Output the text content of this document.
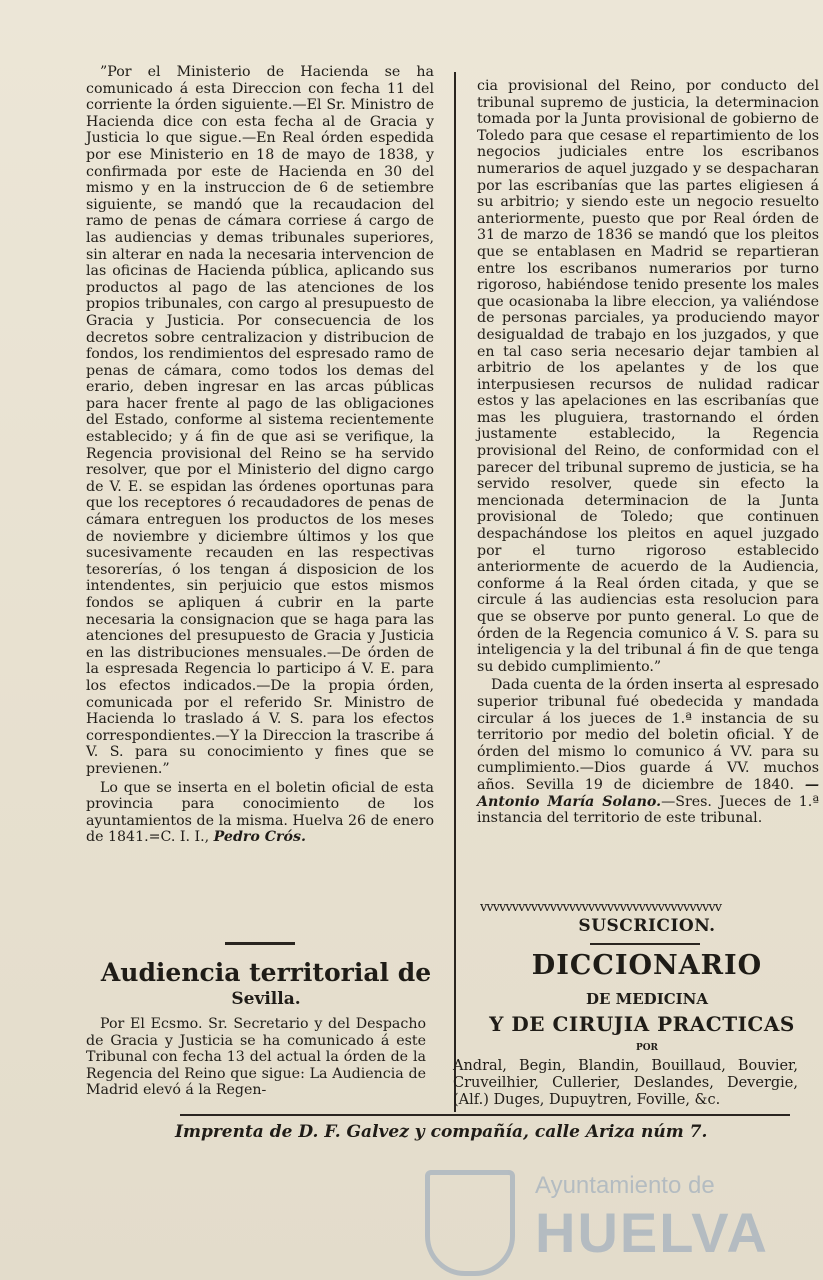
”Por el Ministerio de Hacienda se ha comunicado á esta Direccion con fecha 11 del corriente la órden siguiente.—El Sr. Ministro de Hacienda dice con esta fecha al de Gracia y Justicia lo que sigue.—En Real órden espedida por ese Ministerio en 18 de mayo de 1838, y confirmada por este de Hacienda en 30 del mismo y en la instruccion de 6 de setiembre siguiente, se mandó que la recaudacion del ramo de penas de cámara corriese á cargo de las audiencias y demas tribunales superiores, sin alterar en nada la necesaria intervencion de las oficinas de Hacienda pública, aplicando sus productos al pago de las atenciones de los propios tribunales, con cargo al presupuesto de Gracia y Justicia. Por consecuencia de los decretos sobre centralizacion y distribucion de fondos, los rendimientos del espresado ramo de penas de cámara, como todos los demas del erario, deben ingresar en las arcas públicas para hacer frente al pago de las obligaciones del Estado, conforme al sistema recientemente establecido; y á fin de que asi se verifique, la Regencia provisional del Reino se ha servido resolver, que por el Ministerio del digno cargo de V. E. se espidan las órdenes oportunas para que los receptores ó recaudadores de penas de cámara entreguen los productos de los meses de noviembre y diciembre últimos y los que sucesivamente recauden en las respectivas tesorerías, ó los tengan á disposicion de los intendentes, sin perjuicio que estos mismos fondos se apliquen á cubrir en la parte necesaria la consignacion que se haga para las atenciones del presupuesto de Gracia y Justicia en las distribuciones mensuales.—De órden de la espresada Regencia lo participo á V. E. para los efectos indicados.—De la propia órden, comunicada por el referido Sr. Ministro de Hacienda lo traslado á V. S. para los efectos correspondientes.—Y la Direccion la trascribe á V. S. para su conocimiento y fines que se previenen.”

Lo que se inserta en el boletin oficial de esta provincia para conocimiento de los ayuntamientos de la misma. Huelva 26 de enero de 1841.=C. I. I., Pedro Crós.

Audiencia territorial de
Sevilla.

Por El Ecsmo. Sr. Secretario y del Despacho de Gracia y Justicia se ha comunicado á este Tribunal con fecha 13 del actual la órden de la Regencia del Reino que sigue: La Audiencia de Madrid elevó á la Regen-

cia provisional del Reino, por conducto del tribunal supremo de justicia, la determinacion tomada por la Junta provisional de gobierno de Toledo para que cesase el repartimiento de los negocios judiciales entre los escribanos numerarios de aquel juzgado y se despacharan por las escribanías que las partes eligiesen á su arbitrio; y siendo este un negocio resuelto anteriormente, puesto que por Real órden de 31 de marzo de 1836 se mandó que los pleitos que se entablasen en Madrid se repartieran entre los escribanos numerarios por turno rigoroso, habiéndose tenido presente los males que ocasionaba la libre eleccion, ya valiéndose de personas parciales, ya produciendo mayor desigualdad de trabajo en los juzgados, y que en tal caso seria necesario dejar tambien al arbitrio de los apelantes y de los que interpusiesen recursos de nulidad radicar estos y las apelaciones en las escribanías que mas les pluguiera, trastornando el órden justamente establecido, la Regencia provisional del Reino, de conformidad con el parecer del tribunal supremo de justicia, se ha servido resolver, quede sin efecto la mencionada determinacion de la Junta provisional de Toledo; que continuen despachándose los pleitos en aquel juzgado por el turno rigoroso establecido anteriormente de acuerdo de la Audiencia, conforme á la Real órden citada, y que se circule á las audiencias esta resolucion para que se observe por punto general. Lo que de órden de la Regencia comunico á V. S. para su inteligencia y la del tribunal á fin de que tenga su debido cumplimiento.”

Dada cuenta de la órden inserta al espresado superior tribunal fué obedecida y mandada circular á los jueces de 1.ª instancia de su territorio por medio del boletin oficial. Y de órden del mismo lo comunico á VV. para su cumplimiento.—Dios guarde á VV. muchos años. Sevilla 19 de diciembre de 1840. —Antonio María Solano.—Sres. Jueces de 1.ª instancia del territorio de este tribunal.

vvvvvvvvvvvvvvvvvvvvvvvvvvvvvvvvvvvvvv
SUSCRICION.
DICCIONARIO
DE MEDICINA
Y DE CIRUJIA PRACTICAS
POR
Andral, Begin, Blandin, Bouillaud, Bouvier, Cruveilhier, Cullerier, Deslandes, Devergie, (Alf.) Duges, Dupuytren, Foville, &c.
Imprenta de D. F. Galvez y compañía, calle Ariza núm 7.
Ayuntamiento de
HUELVA
